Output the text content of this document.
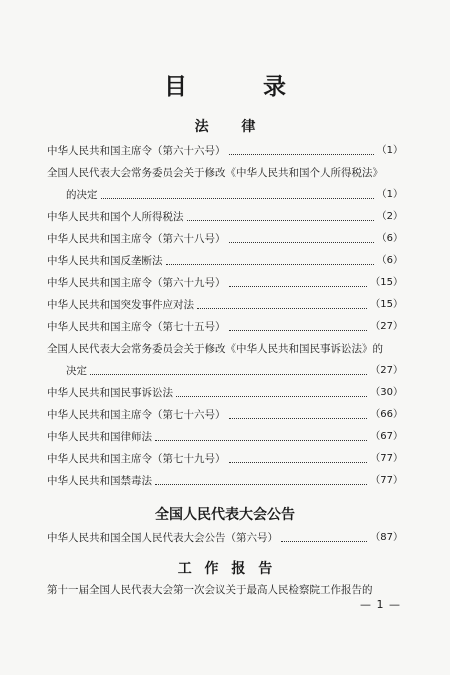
目 录
法 律
中华人民共和国主席令（第六十六号）	（1）
全国人民代表大会常务委员会关于修改《中华人民共和国个人所得税法》
的决定	（1）
中华人民共和国个人所得税法	（2）
中华人民共和国主席令（第六十八号）	（6）
中华人民共和国反垄断法	（6）
中华人民共和国主席令（第六十九号）	（15）
中华人民共和国突发事件应对法	（15）
中华人民共和国主席令（第七十五号）	（27）
全国人民代表大会常务委员会关于修改《中华人民共和国民事诉讼法》的
决定	（27）
中华人民共和国民事诉讼法	（30）
中华人民共和国主席令（第七十六号）	（66）
中华人民共和国律师法	（67）
中华人民共和国主席令（第七十九号）	（77）
中华人民共和国禁毒法	（77）
全国人民代表大会公告
中华人民共和国全国人民代表大会公告（第六号）	（87）
工 作 报 告
第十一届全国人民代表大会第一次会议关于最高人民检察院工作报告的
— 1 —
